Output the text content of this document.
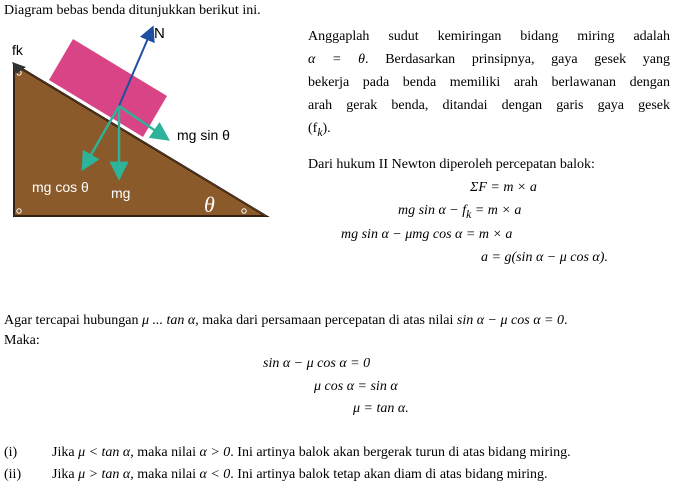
Diagram bebas benda ditunjukkan berikut ini.
fk
N
mg sin θ
mg cos θ mg	θ
Anggaplah sudut kemiringan bidang miring adalah
α = θ. Berdasarkan prinsipnya, gaya gesek yang
bekerja pada benda memiliki arah berlawanan dengan
arah gerak benda, ditandai dengan garis gaya gesek
$(f_k)$.
Dari hukum II Newton diperoleh percepatan balok:
ΣF = m × a
mg $\sin \alpha - f_k = m \times a$
mg sin α − μmg cos α = m × a
a = g(sin α − μ cos α).
Agar tercapai hubungan μ ... tan α, maka dari persamaan percepatan di atas nilai sin α − μ cos α = 0.
Maka:
sin α − μ cos α = 0
μ cos α = sin α
μ = tan α.
(i) Jika μ < tan α, maka nilai α > 0. Ini artinya balok akan bergerak turun di atas bidang miring.
(ii) Jika μ > tan α, maka nilai α < 0. Ini artinya balok tetap akan diam di atas bidang miring.
